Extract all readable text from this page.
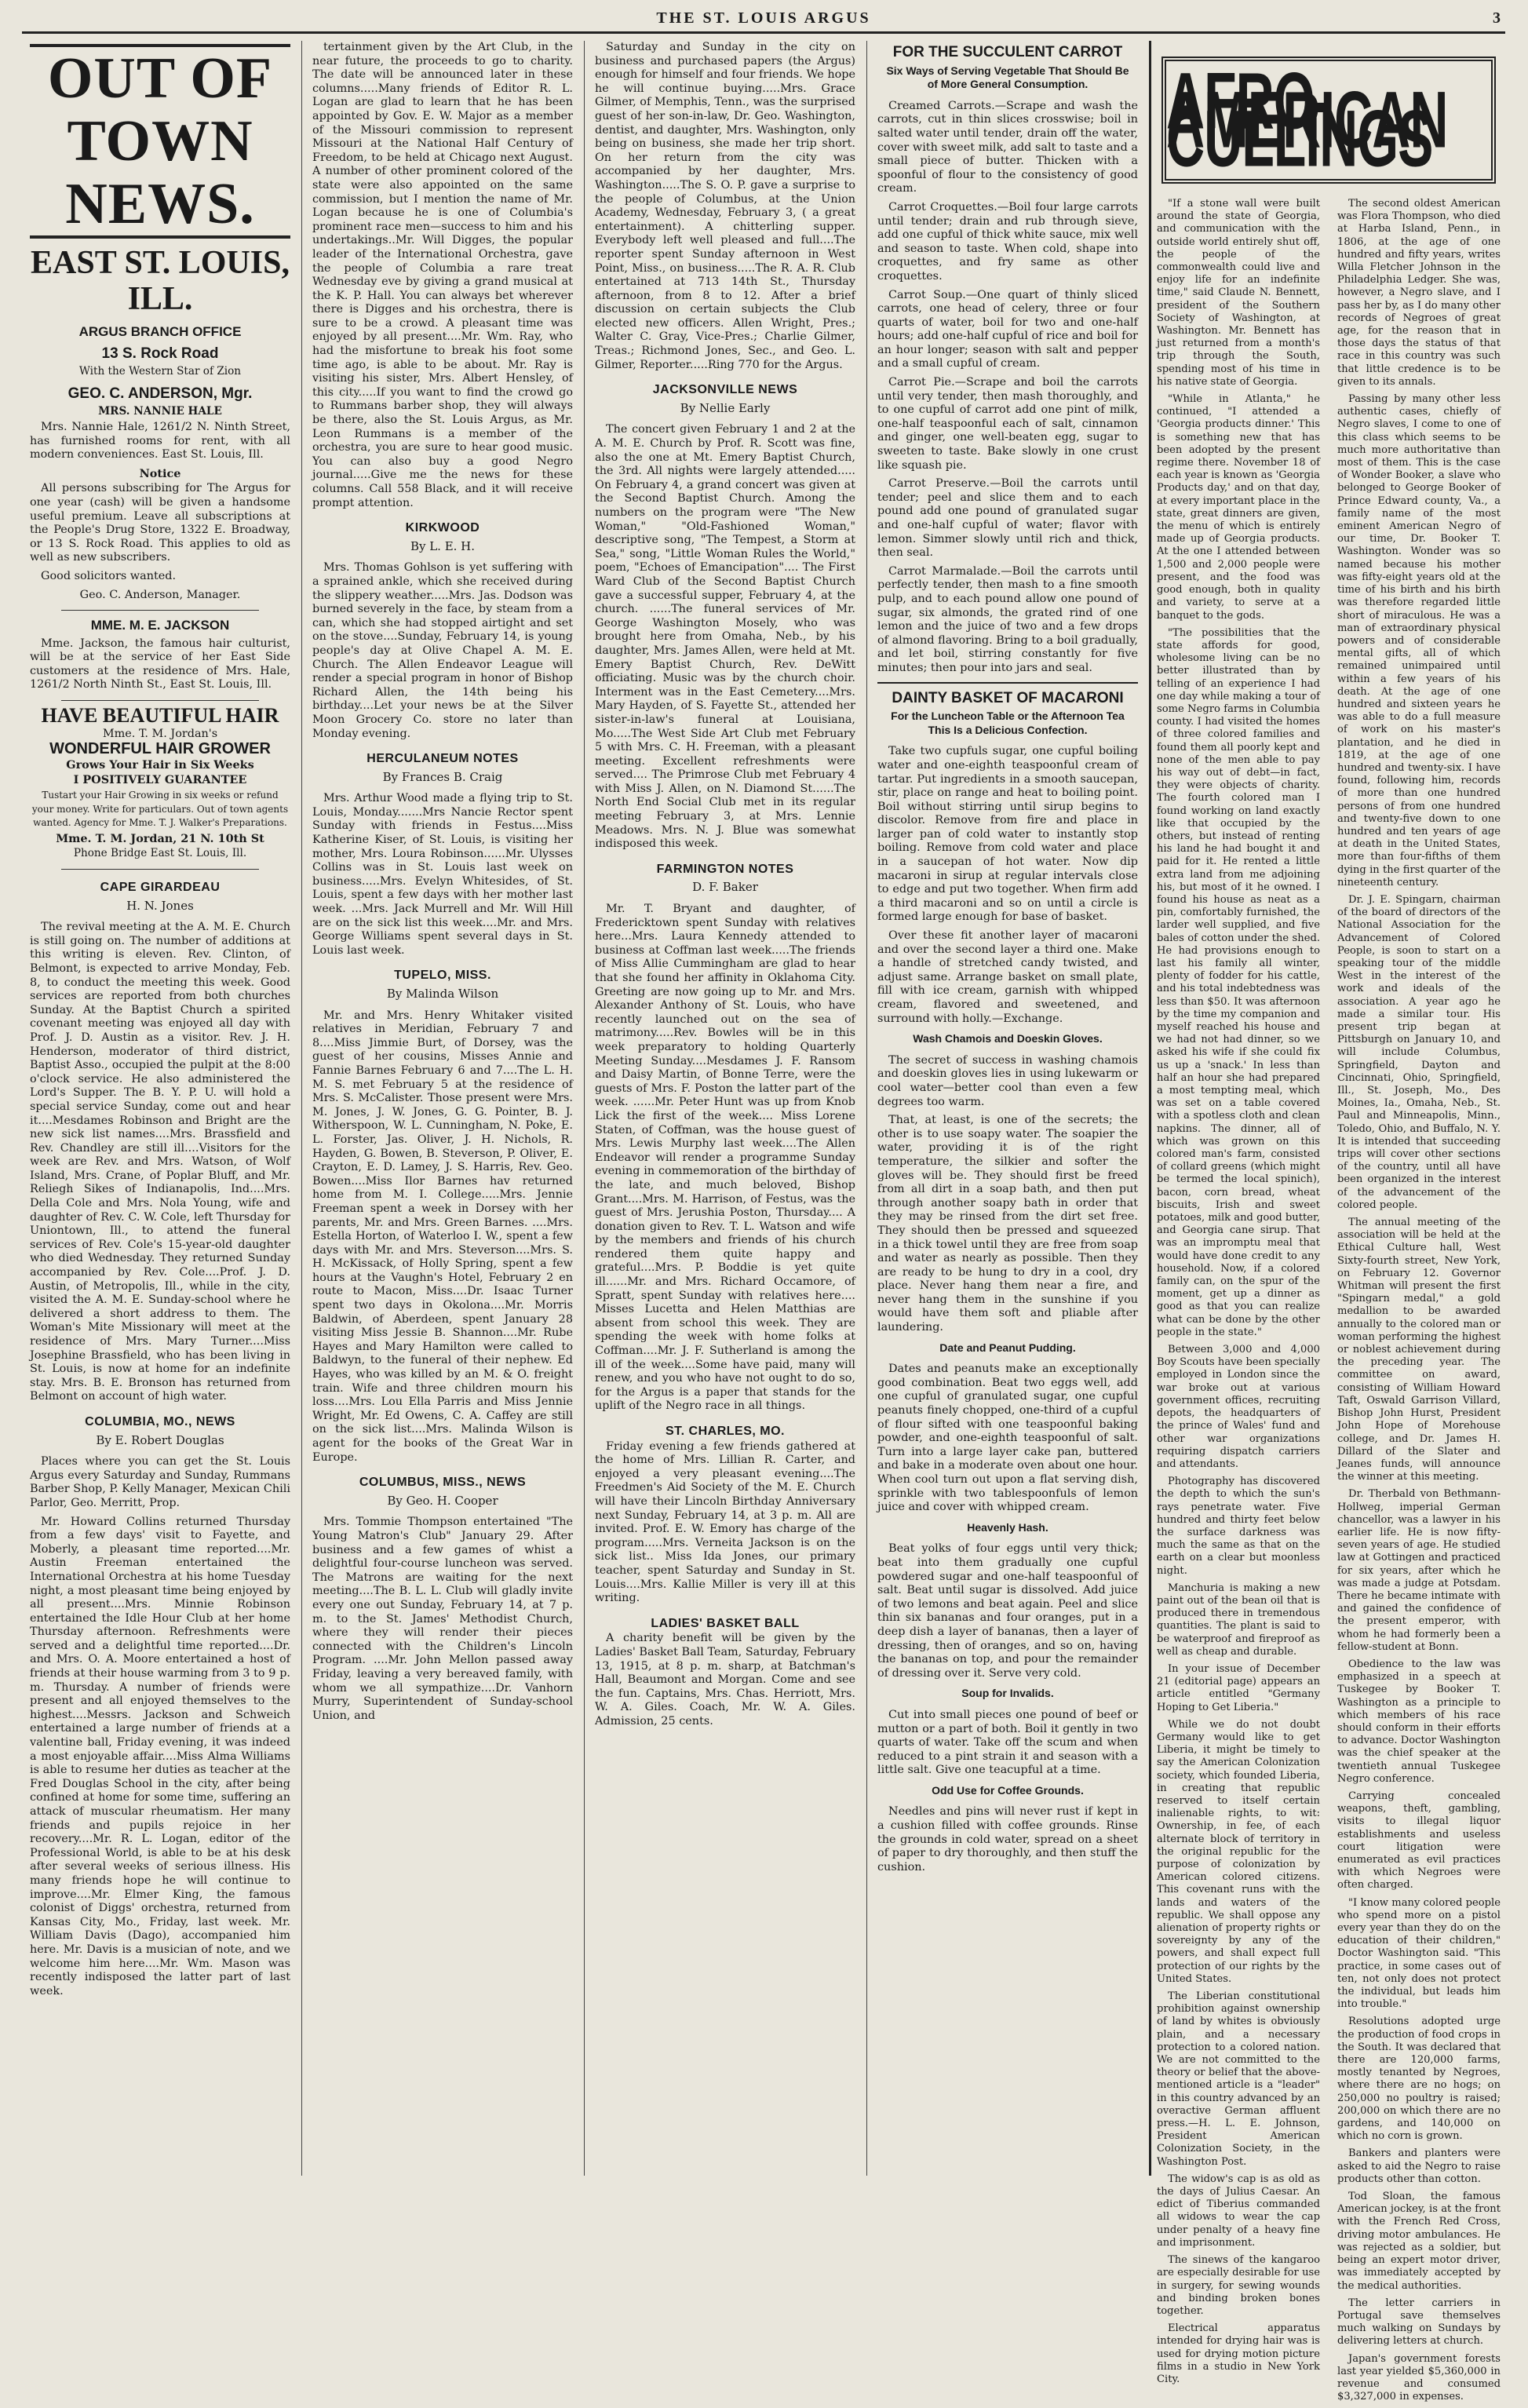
THE ST. LOUIS ARGUS	3
OUT OF TOWN NEWS.
EAST ST. LOUIS, ILL.
ARGUS BRANCH OFFICE
13 S. Rock Road
With the Western Star of Zion
GEO. C. ANDERSON, Mgr.
MRS. NANNIE HALE

Mrs. Nannie Hale, 1261/2 N. Ninth Street, has furnished rooms for rent, with all modern conveniences. East St. Louis, Ill.

Notice

All persons subscribing for The Argus for one year (cash) will be given a handsome useful premium. Leave all subscriptions at the People's Drug Store, 1322 E. Broadway, or 13 S. Rock Road. This applies to old as well as new subscribers.

Good solicitors wanted.

Geo. C. Anderson, Manager.
MME. M. E. JACKSON

Mme. Jackson, the famous hair culturist, will be at the service of her East Side customers at the residence of Mrs. Hale, 1261/2 North Ninth St., East St. Louis, Ill.

HAVE BEAUTIFUL HAIR
Mme. T. M. Jordan's
WONDERFUL HAIR GROWER
Grows Your Hair in Six Weeks
I POSITIVELY GUARANTEE
Tustart your Hair Growing in six weeks or refund your money. Write for particulars. Out of town agents wanted. Agency for Mme. T. J. Walker's Preparations.
Mme. T. M. Jordan, 21 N. 10th St
Phone Bridge East St. Louis, Ill.
CAPE GIRARDEAU
H. N. Jones

The revival meeting at the A. M. E. Church is still going on. The number of additions at this writing is eleven. Rev. Clinton, of Belmont, is expected to arrive Monday, Feb. 8, to conduct the meeting this week. Good services are reported from both churches Sunday. At the Baptist Church a spirited covenant meeting was enjoyed all day with Prof. J. D. Austin as a visitor. Rev. J. H. Henderson, moderator of third district, Baptist Asso., occupied the pulpit at the 8:00 o'clock service. He also administered the Lord's Supper. The B. Y. P. U. will hold a special service Sunday, come out and hear it....Mesdames Robinson and Bright are the new sick list names....Mrs. Brassfield and Rev. Chandley are still ill....Visitors for the week are Rev. and Mrs. Watson, of Wolf Island, Mrs. Crane, of Poplar Bluff, and Mr. Reliegh Sikes of Indianapolis, Ind....Mrs. Della Cole and Mrs. Nola Young, wife and daughter of Rev. C. W. Cole, left Thursday for Uniontown, Ill., to attend the funeral services of Rev. Cole's 15-year-old daughter who died Wednesday. They returned Sunday accompanied by Rev. Cole....Prof. J. D. Austin, of Metropolis, Ill., while in the city, visited the A. M. E. Sunday-school where he delivered a short address to them. The Woman's Mite Missionary will meet at the residence of Mrs. Mary Turner....Miss Josephine Brassfield, who has been living in St. Louis, is now at home for an indefinite stay. Mrs. B. E. Bronson has returned from Belmont on account of high water.

COLUMBIA, MO., NEWS
By E. Robert Douglas

Places where you can get the St. Louis Argus every Saturday and Sunday, Rummans Barber Shop, P. Kelly Manager, Mexican Chili Parlor, Geo. Merritt, Prop.

Mr. Howard Collins returned Thursday from a few days' visit to Fayette, and Moberly, a pleasant time reported....Mr. Austin Freeman entertained the International Orchestra at his home Tuesday night, a most pleasant time being enjoyed by all present....Mrs. Minnie Robinson entertained the Idle Hour Club at her home Thursday afternoon. Refreshments were served and a delightful time reported....Dr. and Mrs. O. A. Moore entertained a host of friends at their house warming from 3 to 9 p. m. Thursday. A number of friends were present and all enjoyed themselves to the highest....Messrs. Jackson and Schweich entertained a large number of friends at a valentine ball, Friday evening, it was indeed a most enjoyable affair....Miss Alma Williams is able to resume her duties as teacher at the Fred Douglas School in the city, after being confined at home for some time, suffering an attack of muscular rheumatism. Her many friends and pupils rejoice in her recovery....Mr. R. L. Logan, editor of the Professional World, is able to be at his desk after several weeks of serious illness. His many friends hope he will continue to improve....Mr. Elmer King, the famous colonist of Diggs' orchestra, returned from Kansas City, Mo., Friday, last week. Mr. William Davis (Dago), accompanied him here. Mr. Davis is a musician of note, and we welcome him here....Mr. Wm. Mason was recently indisposed the latter part of last week.

tertainment given by the Art Club, in the near future, the proceeds to go to charity. The date will be announced later in these columns.....Many friends of Editor R. L. Logan are glad to learn that he has been appointed by Gov. E. W. Major as a member of the Missouri commission to represent Missouri at the National Half Century of Freedom, to be held at Chicago next August. A number of other prominent colored of the state were also appointed on the same commission, but I mention the name of Mr. Logan because he is one of Columbia's prominent race men—success to him and his undertakings..Mr. Will Digges, the popular leader of the International Orchestra, gave the people of Columbia a rare treat Wednesday eve by giving a grand musical at the K. P. Hall. You can always bet wherever there is Digges and his orchestra, there is sure to be a crowd. A pleasant time was enjoyed by all present....Mr. Wm. Ray, who had the misfortune to break his foot some time ago, is able to be about. Mr. Ray is visiting his sister, Mrs. Albert Hensley, of this city.....If you want to find the crowd go to Rummans barber shop, they will always be there, also the St. Louis Argus, as Mr. Leon Rummans is a member of the orchestra, you are sure to hear good music. You can also buy a good Negro journal.....Give me the news for these columns. Call 558 Black, and it will receive prompt attention.

KIRKWOOD
By L. E. H.

Mrs. Thomas Gohlson is yet suffering with a sprained ankle, which she received during the slippery weather.....Mrs. Jas. Dodson was burned severely in the face, by steam from a can, which she had stopped airtight and set on the stove....Sunday, February 14, is young people's day at Olive Chapel A. M. E. Church. The Allen Endeavor League will render a special program in honor of Bishop Richard Allen, the 14th being his birthday....Let your news be at the Silver Moon Grocery Co. store no later than Monday evening.

HERCULANEUM NOTES
By Frances B. Craig

Mrs. Arthur Wood made a flying trip to St. Louis, Monday.......Mrs Nancie Rector spent Sunday with friends in Festus....Miss Katherine Kiser, of St. Louis, is visiting her mother, Mrs. Loura Robinson......Mr. Ulysses Collins was in St. Louis last week on business.....Mrs. Evelyn Whitesides, of St. Louis, spent a few days with her mother last week. ...Mrs. Jack Murrell and Mr. Will Hill are on the sick list this week....Mr. and Mrs. George Williams spent several days in St. Louis last week.

TUPELO, MISS.
By Malinda Wilson

Mr. and Mrs. Henry Whitaker visited relatives in Meridian, February 7 and 8....Miss Jimmie Burt, of Dorsey, was the guest of her cousins, Misses Annie and Fannie Barnes February 6 and 7....The L. H. M. S. met February 5 at the residence of Mrs. S. McCalister. Those present were Mrs. M. Jones, J. W. Jones, G. G. Pointer, B. J. Witherspoon, W. L. Cunningham, N. Poke, E. L. Forster, Jas. Oliver, J. H. Nichols, R. Hayden, G. Bowen, B. Steverson, P. Oliver, E. Crayton, E. D. Lamey, J. S. Harris, Rev. Geo. Bowen....Miss Ilor Barnes hav returned home from M. I. College.....Mrs. Jennie Freeman spent a week in Dorsey with her parents, Mr. and Mrs. Green Barnes. ....Mrs. Estella Horton, of Waterloo I. W., spent a few days with Mr. and Mrs. Steverson....Mrs. S. H. McKissack, of Holly Spring, spent a few hours at the Vaughn's Hotel, February 2 en route to Macon, Miss....Dr. Isaac Turner spent two days in Okolona....Mr. Morris Baldwin, of Aberdeen, spent January 28 visiting Miss Jessie B. Shannon....Mr. Rube Hayes and Mary Hamilton were called to Baldwyn, to the funeral of their nephew. Ed Hayes, who was killed by an M. & O. freight train. Wife and three children mourn his loss....Mrs. Lou Ella Parris and Miss Jennie Wright, Mr. Ed Owens, C. A. Caffey are still on the sick list....Mrs. Malinda Wilson is agent for the books of the Great War in Europe.

COLUMBUS, MISS., NEWS
By Geo. H. Cooper

Mrs. Tommie Thompson entertained "The Young Matron's Club" January 29. After business and a few games of whist a delightful four-course luncheon was served. The Matrons are waiting for the next meeting....The B. L. L. Club will gladly invite every one out Sunday, February 14, at 7 p. m. to the St. James' Methodist Church, where they will render their pieces connected with the Children's Lincoln Program. ....Mr. John Mellon passed away Friday, leaving a very bereaved family, with whom we all sympathize....Dr. Vanhorn Murry, Superintendent of Sunday-school Union, and

Saturday and Sunday in the city on business and purchased papers (the Argus) enough for himself and four friends. We hope he will continue buying.....Mrs. Grace Gilmer, of Memphis, Tenn., was the surprised guest of her son-in-law, Dr. Geo. Washington, dentist, and daughter, Mrs. Washington, only being on business, she made her trip short. On her return from the city was accompanied by her daughter, Mrs. Washington.....The S. O. P. gave a surprise to the people of Columbus, at the Union Academy, Wednesday, February 3, ( a great entertainment). A chitterling supper. Everybody left well pleased and full....The reporter spent Sunday afternoon in West Point, Miss., on business.....The R. A. R. Club entertained at 713 14th St., Thursday afternoon, from 8 to 12. After a brief discussion on certain subjects the Club elected new officers. Allen Wright, Pres.; Walter C. Gray, Vice-Pres.; Charlie Gilmer, Treas.; Richmond Jones, Sec., and Geo. L. Gilmer, Reporter.....Ring 770 for the Argus.

JACKSONVILLE NEWS
By Nellie Early

The concert given February 1 and 2 at the A. M. E. Church by Prof. R. Scott was fine, also the one at Mt. Emery Baptist Church, the 3rd. All nights were largely attended..... On February 4, a grand concert was given at the Second Baptist Church. Among the numbers on the program were "The New Woman," "Old-Fashioned Woman," descriptive song, "The Tempest, a Storm at Sea," song, "Little Woman Rules the World," poem, "Echoes of Emancipation".... The First Ward Club of the Second Baptist Church gave a successful supper, February 4, at the church. ......The funeral services of Mr. George Washington Mosely, who was brought here from Omaha, Neb., by his daughter, Mrs. James Allen, were held at Mt. Emery Baptist Church, Rev. DeWitt officiating. Music was by the church choir. Interment was in the East Cemetery....Mrs. Mary Hayden, of S. Fayette St., attended her sister-in-law's funeral at Louisiana, Mo.....The West Side Art Club met February 5 with Mrs. C. H. Freeman, with a pleasant meeting. Excellent refreshments were served.... The Primrose Club met February 4 with Miss J. Allen, on N. Diamond St......The North End Social Club met in its regular meeting February 3, at Mrs. Lennie Meadows. Mrs. N. J. Blue was somewhat indisposed this week.

FARMINGTON NOTES
D. F. Baker

Mr. T. Bryant and daughter, of Fredericktown spent Sunday with relatives here...Mrs. Laura Kennedy attended to business at Coffman last week.....The friends of Miss Allie Cummingham are glad to hear that she found her affinity in Oklahoma City. Greeting are now going up to Mr. and Mrs. Alexander Anthony of St. Louis, who have recently launched out on the sea of matrimony.....Rev. Bowles will be in this week preparatory to holding Quarterly Meeting Sunday....Mesdames J. F. Ransom and Daisy Martin, of Bonne Terre, were the guests of Mrs. F. Poston the latter part of the week. ......Mr. Peter Hunt was up from Knob Lick the first of the week.... Miss Lorene Staten, of Coffman, was the house guest of Mrs. Lewis Murphy last week....The Allen Endeavor will render a programme Sunday evening in commemoration of the birthday of the late, and much beloved, Bishop Grant....Mrs. M. Harrison, of Festus, was the guest of Mrs. Jerushia Poston, Thursday.... A donation given to Rev. T. L. Watson and wife by the members and friends of his church rendered them quite happy and grateful....Mrs. P. Boddie is yet quite ill......Mr. and Mrs. Richard Occamore, of Spratt, spent Sunday with relatives here.... Misses Lucetta and Helen Matthias are absent from school this week. They are spending the week with home folks at Coffman....Mr. J. F. Sutherland is among the ill of the week....Some have paid, many will renew, and you who have not ought to do so, for the Argus is a paper that stands for the uplift of the Negro race in all things.

ST. CHARLES, MO.

Friday evening a few friends gathered at the home of Mrs. Lillian R. Carter, and enjoyed a very pleasant evening....The Freedmen's Aid Society of the M. E. Church will have their Lincoln Birthday Anniversary next Sunday, February 14, at 3 p. m. All are invited. Prof. E. W. Emory has charge of the program.....Mrs. Verneita Jackson is on the sick list.. Miss Ida Jones, our primary teacher, spent Saturday and Sunday in St. Louis....Mrs. Kallie Miller is very ill at this writing.

LADIES' BASKET BALL

A charity benefit will be given by the Ladies' Basket Ball Team, Saturday, February 13, 1915, at 8 p. m. sharp, at Batchman's Hall, Beaumont and Morgan. Come and see the fun. Captains, Mrs. Chas. Herriott, Mrs. W. A. Giles. Coach, Mr. W. A. Giles. Admission, 25 cents.

FOR THE SUCCULENT CARROT
Six Ways of Serving Vegetable That Should Be of More General Consumption.

Creamed Carrots.—Scrape and wash the carrots, cut in thin slices crosswise; boil in salted water until tender, drain off the water, cover with sweet milk, add salt to taste and a small piece of butter. Thicken with a spoonful of flour to the consistency of good cream.

Carrot Croquettes.—Boil four large carrots until tender; drain and rub through sieve, add one cupful of thick white sauce, mix well and season to taste. When cold, shape into croquettes, and fry same as other croquettes.

Carrot Soup.—One quart of thinly sliced carrots, one head of celery, three or four quarts of water, boil for two and one-half hours; add one-half cupful of rice and boil for an hour longer; season with salt and pepper and a small cupful of cream.

Carrot Pie.—Scrape and boil the carrots until very tender, then mash thoroughly, and to one cupful of carrot add one pint of milk, one-half teaspoonful each of salt, cinnamon and ginger, one well-beaten egg, sugar to sweeten to taste. Bake slowly in one crust like squash pie.

Carrot Preserve.—Boil the carrots until tender; peel and slice them and to each pound add one pound of granulated sugar and one-half cupful of water; flavor with lemon. Simmer slowly until rich and thick, then seal.

Carrot Marmalade.—Boil the carrots until perfectly tender, then mash to a fine smooth pulp, and to each pound allow one pound of sugar, six almonds, the grated rind of one lemon and the juice of two and a few drops of almond flavoring. Bring to a boil gradually, and let boil, stirring constantly for five minutes; then pour into jars and seal.

DAINTY BASKET OF MACARONI
For the Luncheon Table or the Afternoon Tea This Is a Delicious Confection.

Take two cupfuls sugar, one cupful boiling water and one-eighth teaspoonful cream of tartar. Put ingredients in a smooth saucepan, stir, place on range and heat to boiling point. Boil without stirring until sirup begins to discolor. Remove from fire and place in larger pan of cold water to instantly stop boiling. Remove from cold water and place in a saucepan of hot water. Now dip macaroni in sirup at regular intervals close to edge and put two together. When firm add a third macaroni and so on until a circle is formed large enough for base of basket.

Over these fit another layer of macaroni and over the second layer a third one. Make a handle of stretched candy twisted, and adjust same. Arrange basket on small plate, fill with ice cream, garnish with whipped cream, flavored and sweetened, and surround with holly.—Exchange.

Wash Chamois and Doeskin Gloves.

The secret of success in washing chamois and doeskin gloves lies in using lukewarm or cool water—better cool than even a few degrees too warm.

That, at least, is one of the secrets; the other is to use soapy water. The soapier the water, providing it is of the right temperature, the silkier and softer the gloves will be. They should first be freed from all dirt in a soap bath, and then put through another soapy bath in order that they may be rinsed from the dirt set free. They should then be pressed and squeezed in a thick towel until they are free from soap and water as nearly as possible. Then they are ready to be hung to dry in a cool, dry place. Never hang them near a fire, and never hang them in the sunshine if you would have them soft and pliable after laundering.

Date and Peanut Pudding.

Dates and peanuts make an exceptionally good combination. Beat two eggs well, add one cupful of granulated sugar, one cupful peanuts finely chopped, one-third of a cupful of flour sifted with one teaspoonful baking powder, and one-eighth teaspoonful of salt. Turn into a large layer cake pan, buttered and bake in a moderate oven about one hour. When cool turn out upon a flat serving dish, sprinkle with two tablespoonfuls of lemon juice and cover with whipped cream.

Heavenly Hash.

Beat yolks of four eggs until very thick; beat into them gradually one cupful powdered sugar and one-half teaspoonful of salt. Beat until sugar is dissolved. Add juice of two lemons and beat again. Peel and slice thin six bananas and four oranges, put in a deep dish a layer of bananas, then a layer of dressing, then of oranges, and so on, having the bananas on top, and pour the remainder of dressing over it. Serve very cold.

Soup for Invalids.

Cut into small pieces one pound of beef or mutton or a part of both. Boil it gently in two quarts of water. Take off the scum and when reduced to a pint strain it and season with a little salt. Give one teacupful at a time.

Odd Use for Coffee Grounds.

Needles and pins will never rust if kept in a cushion filled with coffee grounds. Rinse the grounds in cold water, spread on a sheet of paper to dry thoroughly, and then stuff the cushion.

AFRO-AMERICAN CULLINGS

"If a stone wall were built around the state of Georgia, and communication with the outside world entirely shut off, the people of the commonwealth could live and enjoy life for an indefinite time," said Claude N. Bennett, president of the Southern Society of Washington, at Washington. Mr. Bennett has just returned from a month's trip through the South, spending most of his time in his native state of Georgia.

"While in Atlanta," he continued, "I attended a 'Georgia products dinner.' This is something new that has been adopted by the present regime there. November 18 of each year is known as 'Georgia Products day,' and on that day, at every important place in the state, great dinners are given, the menu of which is entirely made up of Georgia products. At the one I attended between 1,500 and 2,000 people were present, and the food was good enough, both in quality and variety, to serve at a banquet to the gods.

"The possibilities that the state affords for good, wholesome living can be no better illustrated than by telling of an experience I had one day while making a tour of some Negro farms in Columbia county. I had visited the homes of three colored families and found them all poorly kept and none of the men able to pay his way out of debt—in fact, they were objects of charity. The fourth colored man I found working on land exactly like that occupied by the others, but instead of renting his land he had bought it and paid for it. He rented a little extra land from me adjoining his, but most of it he owned. I found his house as neat as a pin, comfortably furnished, the larder well supplied, and five bales of cotton under the shed. He had provisions enough to last his family all winter, plenty of fodder for his cattle, and his total indebtedness was less than $50. It was afternoon by the time my companion and myself reached his house and we had not had dinner, so we asked his wife if she could fix us up a 'snack.' In less than half an hour she had prepared a most tempting meal, which was set on a table covered with a spotless cloth and clean napkins. The dinner, all of which was grown on this colored man's farm, consisted of collard greens (which might be termed the local spinich), bacon, corn bread, wheat biscuits, Irish and sweet potatoes, milk and good butter, and Georgia cane sirup. That was an impromptu meal that would have done credit to any household. Now, if a colored family can, on the spur of the moment, get up a dinner as good as that you can realize what can be done by the other people in the state."

Between 3,000 and 4,000 Boy Scouts have been specially employed in London since the war broke out at various government offices, recruiting depots, the headquarters of the prince of Wales' fund and other war organizations requiring dispatch carriers and attendants.

Photography has discovered the depth to which the sun's rays penetrate water. Five hundred and thirty feet below the surface darkness was much the same as that on the earth on a clear but moonless night.

Manchuria is making a new paint out of the bean oil that is produced there in tremendous quantities. The plant is said to be waterproof and fireproof as well as cheap and durable.

In your issue of December 21 (editorial page) appears an article entitled "Germany Hoping to Get Liberia."

While we do not doubt Germany would like to get Liberia, it might be timely to say the American Colonization society, which founded Liberia, in creating that republic reserved to itself certain inalienable rights, to wit: Ownership, in fee, of each alternate block of territory in the original republic for the purpose of colonization by American colored citizens. This covenant runs with the lands and waters of the republic. We shall oppose any alienation of property rights or sovereignty by any of the powers, and shall expect full protection of our rights by the United States.

The Liberian constitutional prohibition against ownership of land by whites is obviously plain, and a necessary protection to a colored nation. We are not committed to the theory or belief that the above-mentioned article is a "leader" in this country advanced by an overactive German affluent press.—H. L. E. Johnson, President American Colonization Society, in the Washington Post.

The widow's cap is as old as the days of Julius Caesar. An edict of Tiberius commanded all widows to wear the cap under penalty of a heavy fine and imprisonment.

The sinews of the kangaroo are especially desirable for use in surgery, for sewing wounds and binding broken bones together.

Electrical apparatus intended for drying hair was is used for drying motion picture films in a studio in New York City.

The second oldest American was Flora Thompson, who died at Harba Island, Penn., in 1806, at the age of one hundred and fifty years, writes Willa Fletcher Johnson in the Philadelphia Ledger. She was, however, a Negro slave, and I pass her by, as I do many other records of Negroes of great age, for the reason that in those days the status of that race in this country was such that little credence is to be given to its annals.

Passing by many other less authentic cases, chiefly of Negro slaves, I come to one of this class which seems to be much more authoritative than most of them. This is the case of Wonder Booker, a slave who belonged to George Booker of Prince Edward county, Va., a family name of the most eminent American Negro of our time, Dr. Booker T. Washington. Wonder was so named because his mother was fifty-eight years old at the time of his birth and his birth was therefore regarded little short of miraculous. He was a man of extraordinary physical powers and of considerable mental gifts, all of which remained unimpaired until within a few years of his death. At the age of one hundred and sixteen years he was able to do a full measure of work on his master's plantation, and he died in 1819, at the age of one hundred and twenty-six. I have found, following him, records of more than one hundred persons of from one hundred and twenty-five down to one hundred and ten years of age at death in the United States, more than four-fifths of them dying in the first quarter of the nineteenth century.

Dr. J. E. Spingarn, chairman of the board of directors of the National Association for the Advancement of Colored People, is soon to start on a speaking tour of the middle West in the interest of the work and ideals of the association. A year ago he made a similar tour. His present trip began at Pittsburgh on January 10, and will include Columbus, Springfield, Dayton and Cincinnati, Ohio, Springfield, Ill., St. Joseph, Mo., Des Moines, Ia., Omaha, Neb., St. Paul and Minneapolis, Minn., Toledo, Ohio, and Buffalo, N. Y. It is intended that succeeding trips will cover other sections of the country, until all have been organized in the interest of the advancement of the colored people.

The annual meeting of the association will be held at the Ethical Culture hall, West Sixty-fourth street, New York, on February 12. Governor Whitman will present the first "Spingarn medal," a gold medallion to be awarded annually to the colored man or woman performing the highest or noblest achievement during the preceding year. The committee on award, consisting of William Howard Taft, Oswald Garrison Villard, Bishop John Hurst, President John Hope of Morehouse college, and Dr. James H. Dillard of the Slater and Jeanes funds, will announce the winner at this meeting.

Dr. Therbald von Bethmann-Hollweg, imperial German chancellor, was a lawyer in his earlier life. He is now fifty-seven years of age. He studied law at Gottingen and practiced for six years, after which he was made a judge at Potsdam. There he became intimate with and gained the confidence of the present emperor, with whom he had formerly been a fellow-student at Bonn.

Obedience to the law was emphasized in a speech at Tuskegee by Booker T. Washington as a principle to which members of his race should conform in their efforts to advance. Doctor Washington was the chief speaker at the twentieth annual Tuskegee Negro conference.

Carrying concealed weapons, theft, gambling, visits to illegal liquor establishments and useless court litigation were enumerated as evil practices with which Negroes were often charged.

"I know many colored people who spend more on a pistol every year than they do on the education of their children," Doctor Washington said. "This practice, in some cases out of ten, not only does not protect the individual, but leads him into trouble."

Resolutions adopted urge the production of food crops in the South. It was declared that there are 120,000 farms, mostly tenanted by Negroes, where there are no hogs; on 250,000 no poultry is raised; 200,000 on which there are no gardens, and 140,000 on which no corn is grown.

Bankers and planters were asked to aid the Negro to raise products other than cotton.

Tod Sloan, the famous American jockey, is at the front with the French Red Cross, driving motor ambulances. He was rejected as a soldier, but being an expert motor driver, was immediately accepted by the medical authorities.

The letter carriers in Portugal save themselves much walking on Sundays by delivering letters at church.

Japan's government forests last year yielded $5,360,000 in revenue and consumed $3,327,000 in expenses.
